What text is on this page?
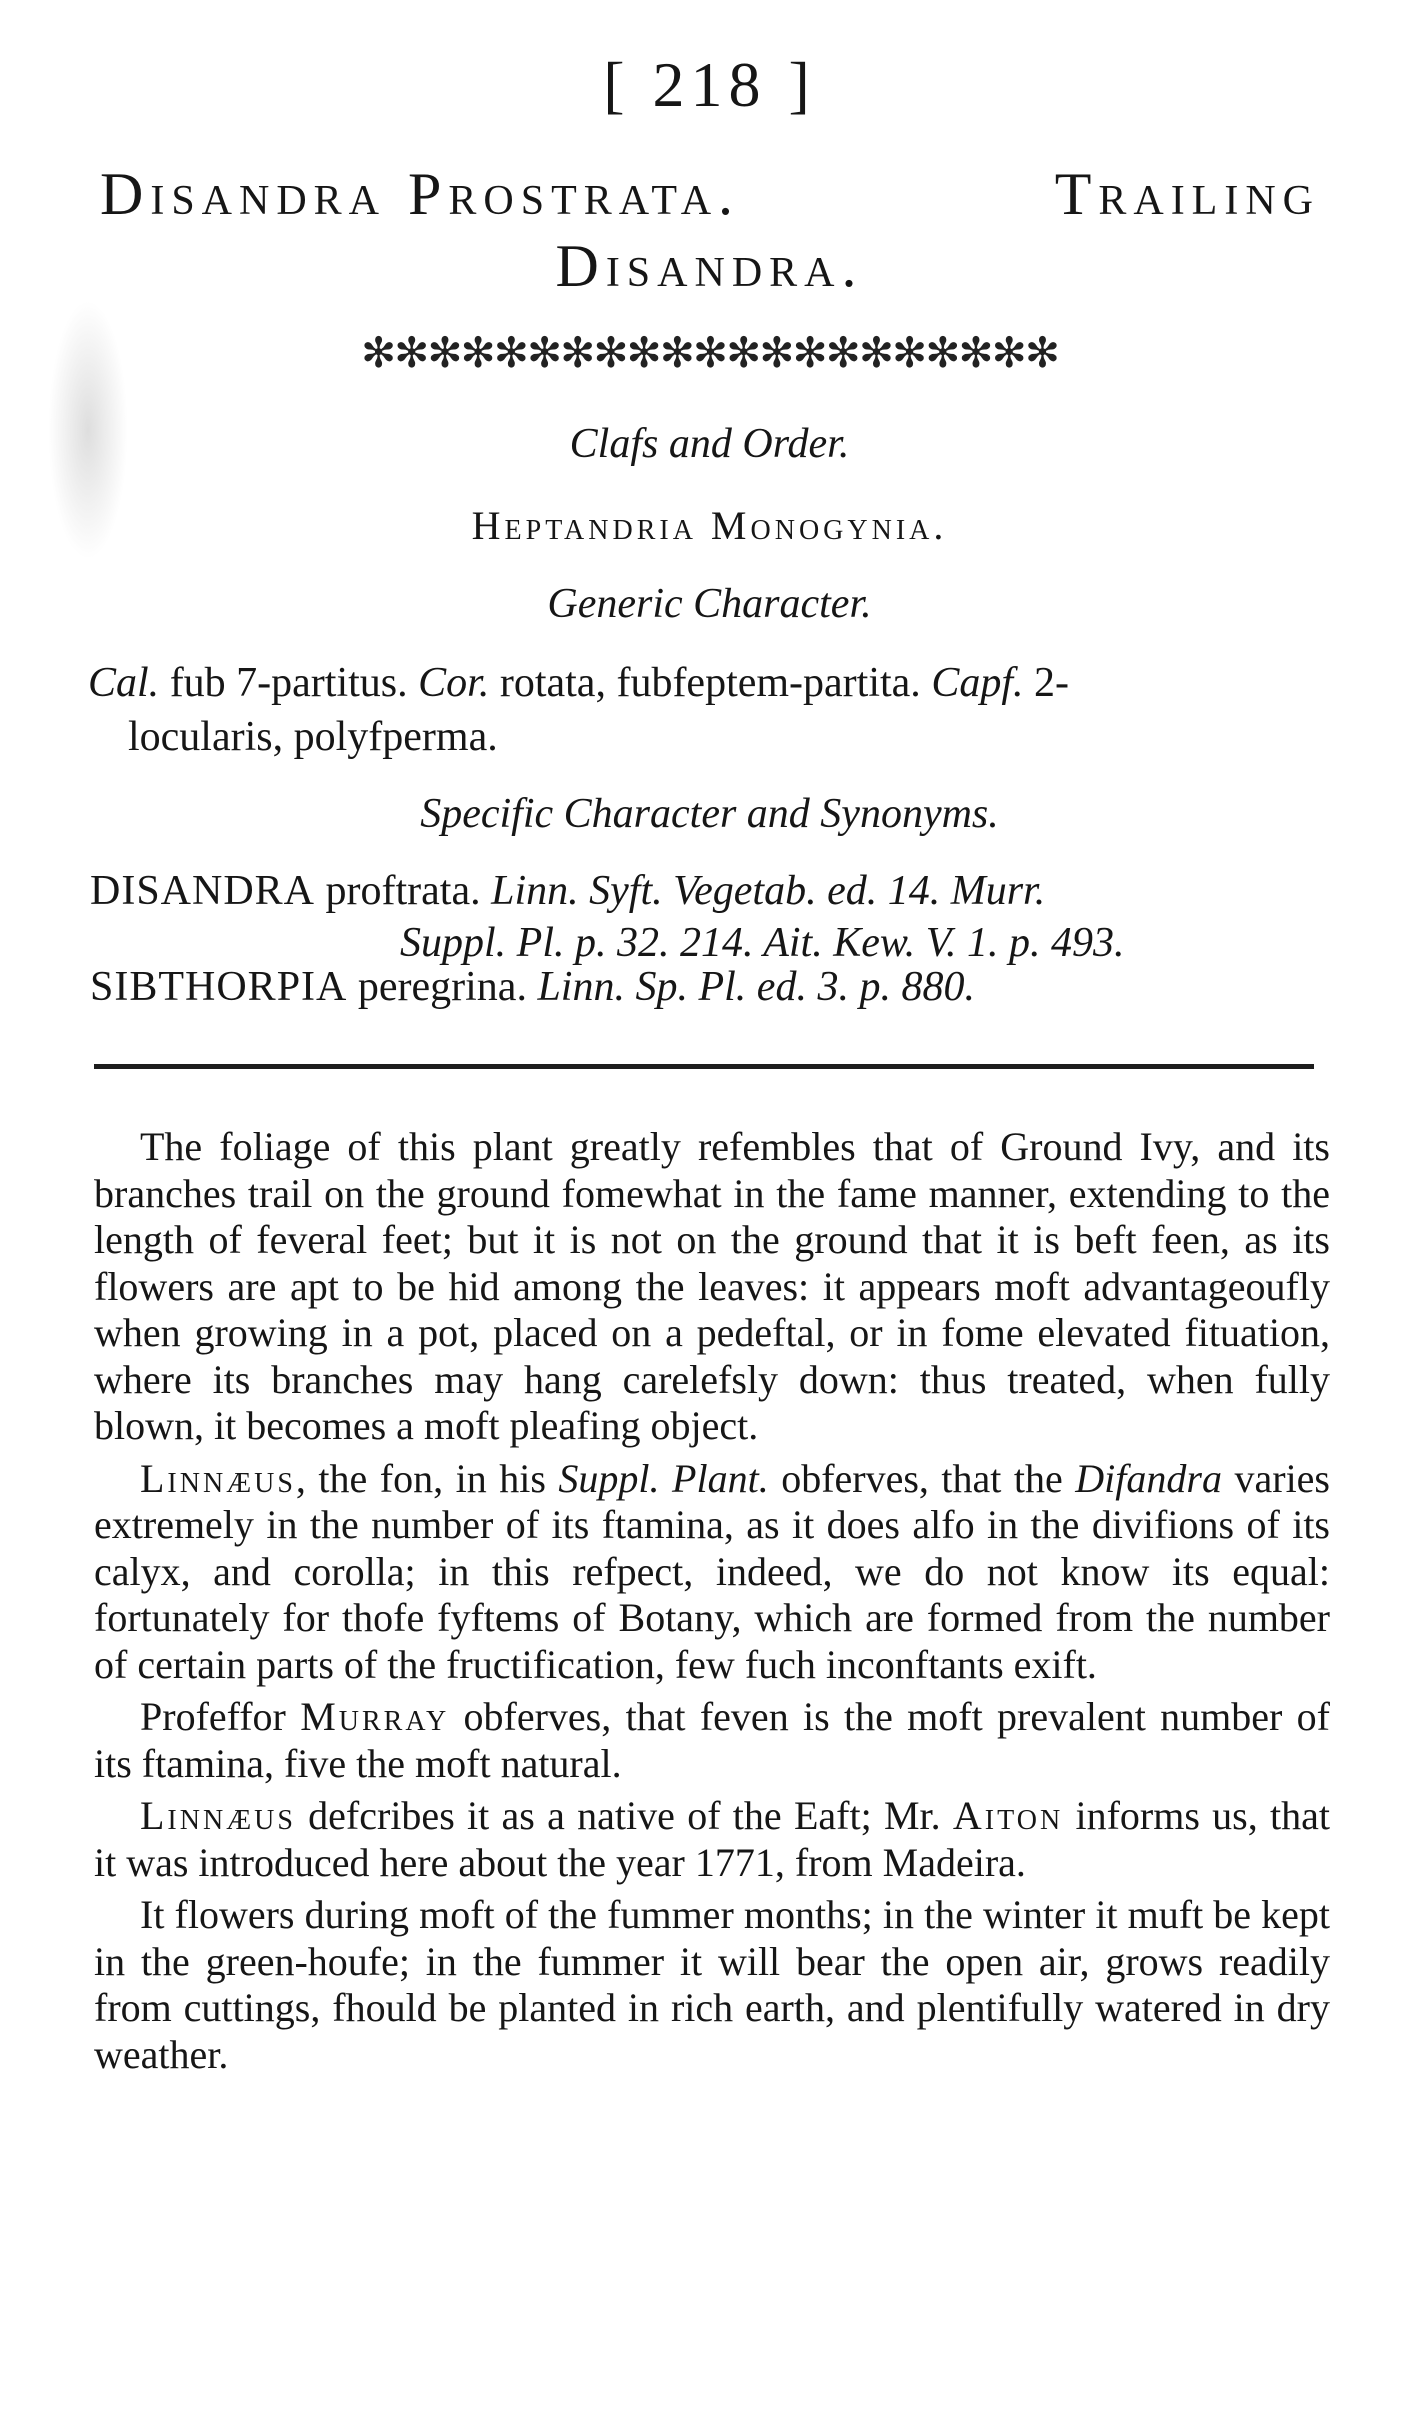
[ 218 ]
Disandra Prostrata.	Trailing
Disandra.
✻✻✻✻✻✻✻✻✻✻✻✻✻✻✻✻✻✻✻✻✻
Clafs and Order.
Heptandria Monogynia.
Generic Character.
Cal. fub 7-partitus. Cor. rotata, fubfeptem-partita. Capf. 2-
locularis, polyfperma.
Specific Character and Synonyms.
DISANDRA proftrata. Linn. Syft. Vegetab. ed. 14. Murr.
Suppl. Pl. p. 32. 214. Ait. Kew. V. 1. p. 493.
SIBTHORPIA peregrina. Linn. Sp. Pl. ed. 3. p. 880.

The foliage of this plant greatly refembles that of Ground Ivy, and its branches trail on the ground fomewhat in the fame manner, extending to the length of feveral feet; but it is not on the ground that it is beft feen, as its flowers are apt to be hid among the leaves: it appears moft advantageoufly when growing in a pot, placed on a pedeftal, or in fome elevated fituation, where its branches may hang carelefsly down: thus treated, when fully blown, it becomes a moft pleafing object.

Linnæus, the fon, in his Suppl. Plant. obferves, that the Difandra varies extremely in the number of its ftamina, as it does alfo in the divifions of its calyx, and corolla; in this refpect, indeed, we do not know its equal: fortunately for thofe fyftems of Botany, which are formed from the number of certain parts of the fructification, few fuch inconftants exift.

Profeffor Murray obferves, that feven is the moft prevalent number of its ftamina, five the moft natural.

Linnæus defcribes it as a native of the Eaft; Mr. Aiton informs us, that it was introduced here about the year 1771, from Madeira.

It flowers during moft of the fummer months; in the winter it muft be kept in the green-houfe; in the fummer it will bear the open air, grows readily from cuttings, fhould be planted in rich earth, and plentifully watered in dry weather.
